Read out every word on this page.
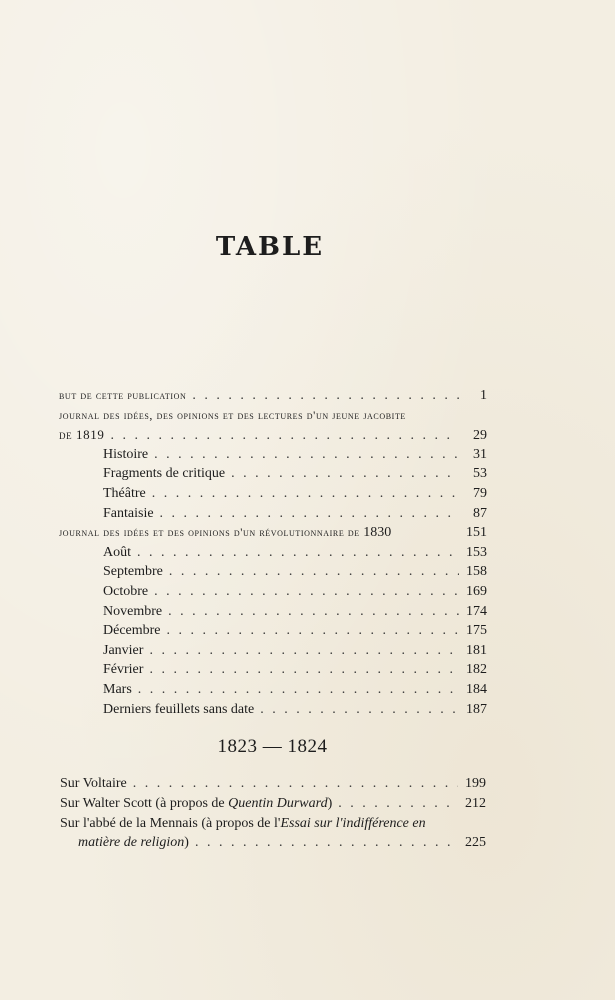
TABLE
but de cette publication . . .	1
journal des idées, des opinions et des lectures d'un jeune jacobite
de 1819 . . .	29
Histoire . . .	31
Fragments de critique . . .	53
Théâtre . . .	79
Fantaisie . . .	87
journal des idées et des opinions d'un révolutionnaire de 1830	151
Août . . .	153
Septembre . . .	158
Octobre . . .	169
Novembre . . .	174
Décembre . . .	175
Janvier . . .	181
Février . . .	182
Mars . . .	184
Derniers feuillets sans date . . .	187
1823 — 1824
Sur Voltaire . . .	199
Sur Walter Scott (à propos de Quentin Durward) . . .	212
Sur l'abbé de la Mennais (à propos de l'Essai sur l'indifférence en
matière de religion) . . .	225
